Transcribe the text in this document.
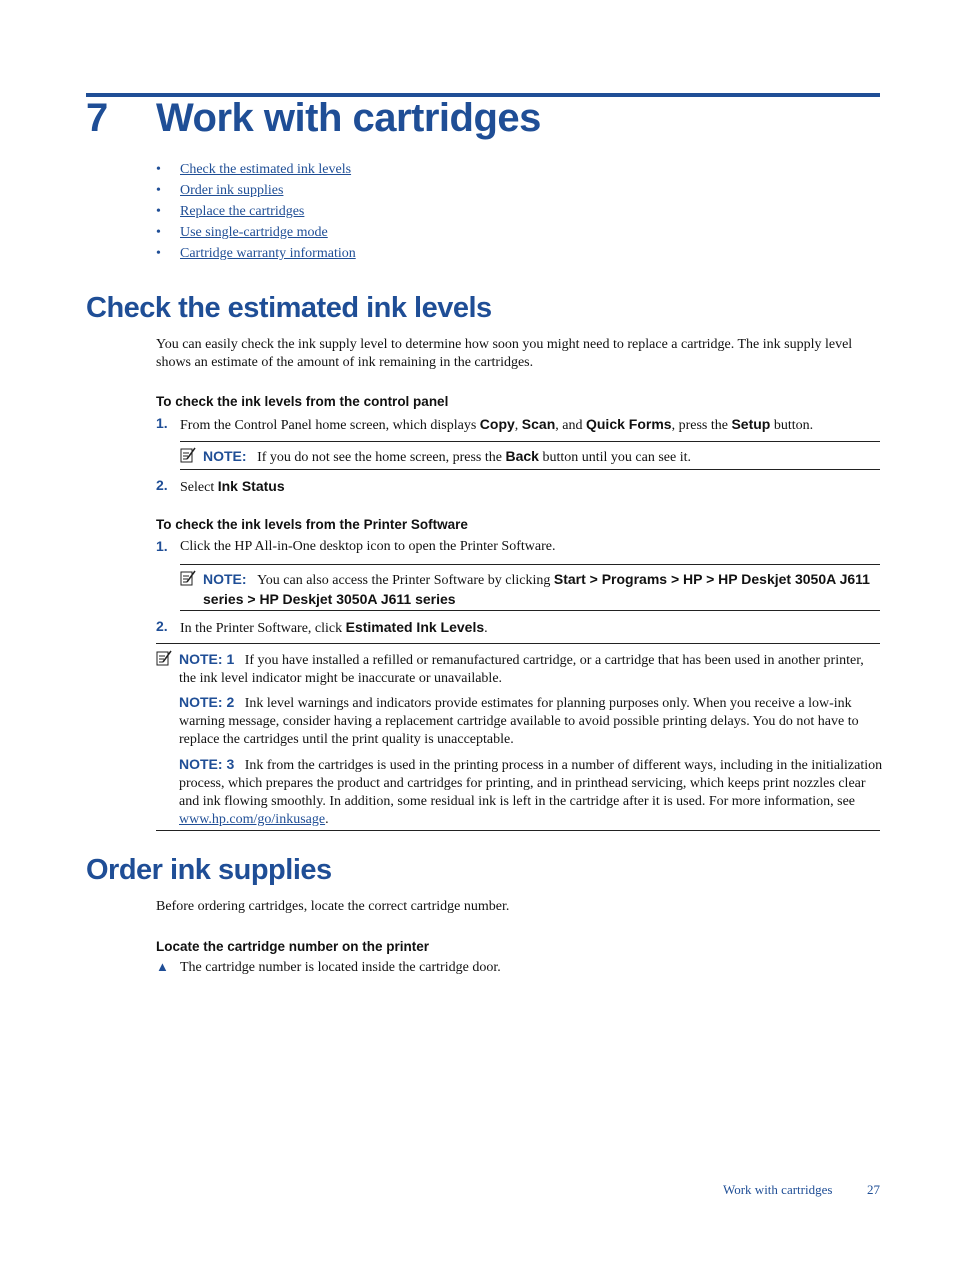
7 Work with cartridges
• Check the estimated ink levels
• Order ink supplies
• Replace the cartridges
• Use single-cartridge mode
• Cartridge warranty information
Check the estimated ink levels
You can easily check the ink supply level to determine how soon you might need to replace a cartridge. The ink supply level
shows an estimate of the amount of ink remaining in the cartridges.
To check the ink levels from the control panel
1. From the Control Panel home screen, which displays Copy, Scan, and Quick Forms, press the Setup button.
NOTE: If you do not see the home screen, press the Back button until you can see it.
2. Select Ink Status
To check the ink levels from the Printer Software
1. Click the HP All-in-One desktop icon to open the Printer Software.
NOTE: You can also access the Printer Software by clicking Start > Programs > HP > HP Deskjet 3050A J611
series > HP Deskjet 3050A J611 series
2. In the Printer Software, click Estimated Ink Levels.
NOTE: 1 If you have installed a refilled or remanufactured cartridge, or a cartridge that has been used in another printer,
the ink level indicator might be inaccurate or unavailable.
NOTE: 2 Ink level warnings and indicators provide estimates for planning purposes only. When you receive a low-ink
warning message, consider having a replacement cartridge available to avoid possible printing delays. You do not have to
replace the cartridges until the print quality is unacceptable.
NOTE: 3 Ink from the cartridges is used in the printing process in a number of different ways, including in the initialization
process, which prepares the product and cartridges for printing, and in printhead servicing, which keeps print nozzles clear
and ink flowing smoothly. In addition, some residual ink is left in the cartridge after it is used. For more information, see
www.hp.com/go/inkusage.
Order ink supplies
Before ordering cartridges, locate the correct cartridge number.
Locate the cartridge number on the printer
▲ The cartridge number is located inside the cartridge door.
Work with cartridges	27
